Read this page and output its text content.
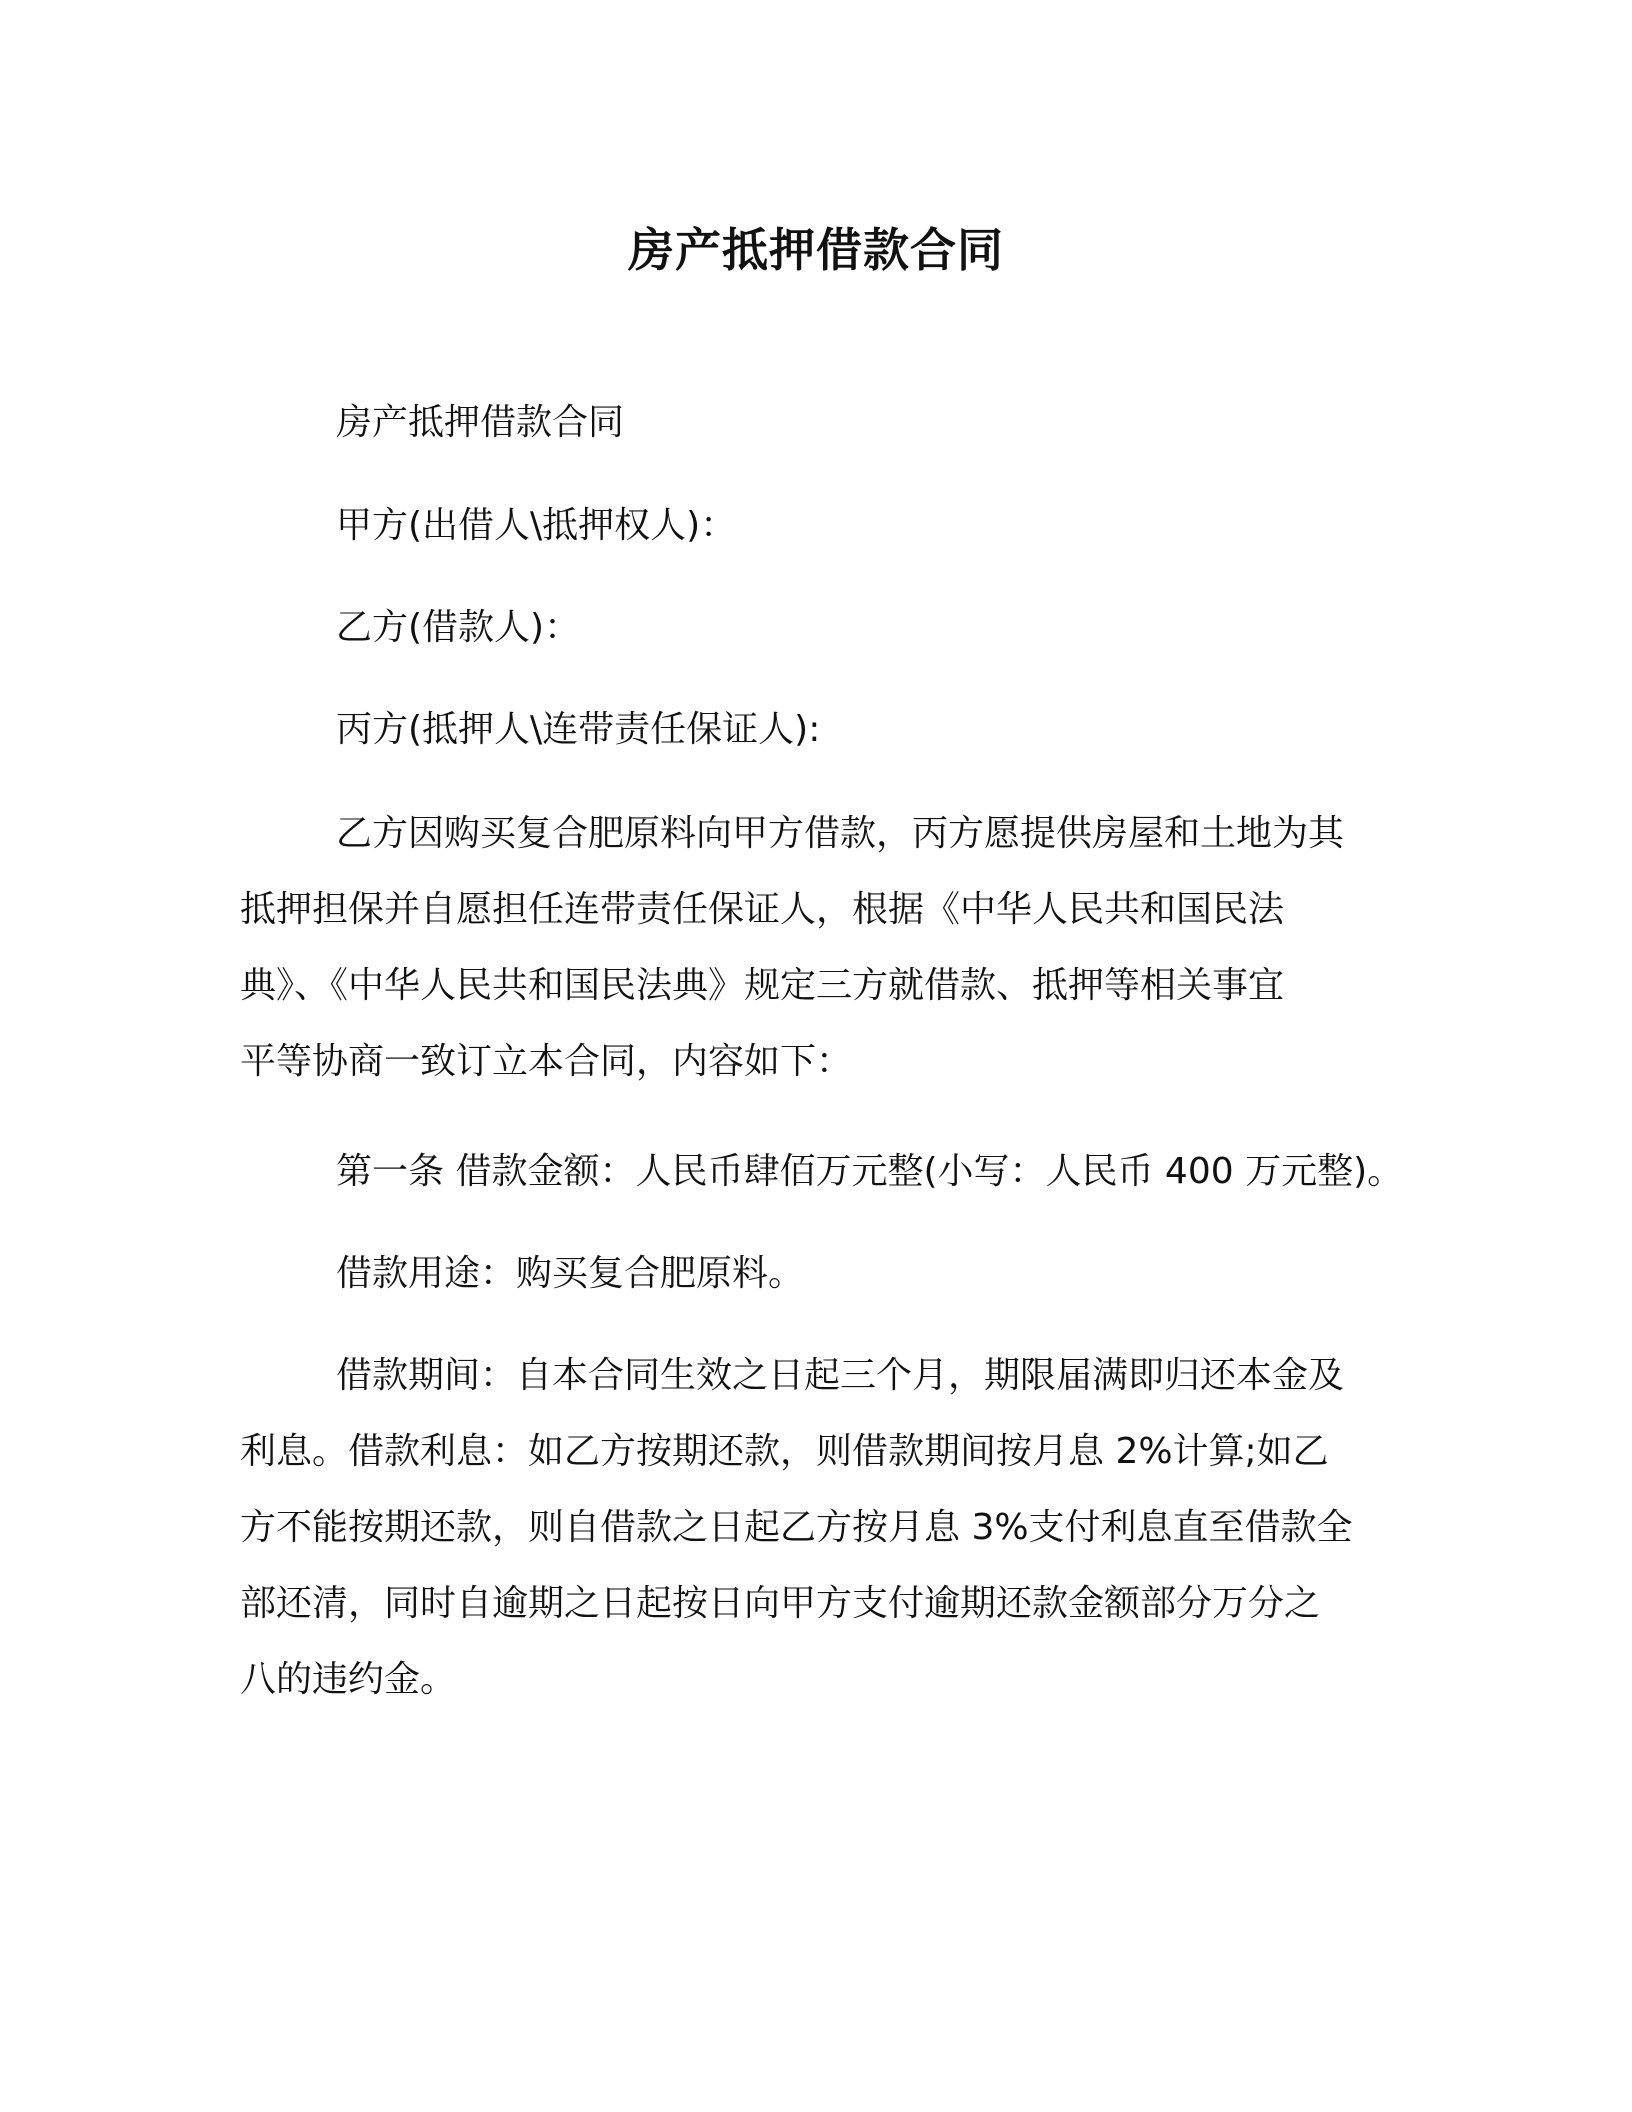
房产抵押借款合同
房产抵押借款合同
甲方(出借人\抵押权人)：
乙方(借款人)：
丙方(抵押人\连带责任保证人):
乙方因购买复合肥原料向甲方借款，丙方愿提供房屋和土地为其
抵押担保并自愿担任连带责任保证人，根据《中华人民共和国民法
典》、《中华人民共和国民法典》规定三方就借款、抵押等相关事宜
平等协商一致订立本合同，内容如下：
第一条 借款金额：人民币肆佰万元整(小写：人民币 400 万元整)。
借款用途：购买复合肥原料。
借款期间：自本合同生效之日起三个月，期限届满即归还本金及
利息。借款利息：如乙方按期还款，则借款期间按月息 2%计算;如乙
方不能按期还款，则自借款之日起乙方按月息 3%支付利息直至借款全
部还清，同时自逾期之日起按日向甲方支付逾期还款金额部分万分之
八的违约金。
